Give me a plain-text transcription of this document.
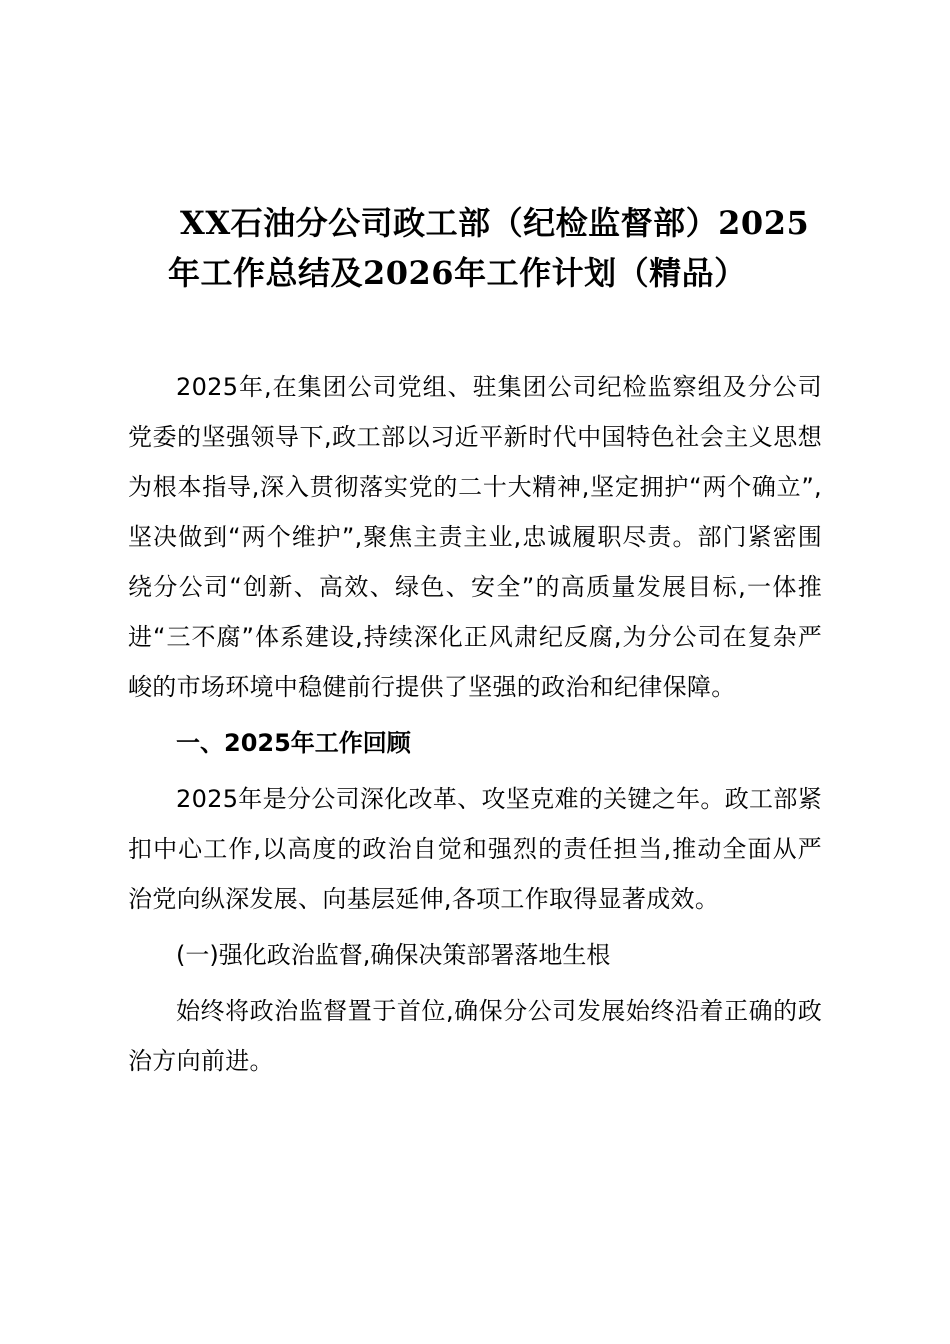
XX石油分公司政工部（纪检监督部）2025
年工作总结及2026年工作计划（精品）

2025年,在集团公司党组、驻集团公司纪检监察组及分公司党委的坚强领导下,政工部以习近平新时代中国特色社会主义思想为根本指导,深入贯彻落实党的二十大精神,坚定拥护“两个确立”,坚决做到“两个维护”,聚焦主责主业,忠诚履职尽责。部门紧密围绕分公司“创新、高效、绿色、安全”的高质量发展目标,一体推进“三不腐”体系建设,持续深化正风肃纪反腐,为分公司在复杂严峻的市场环境中稳健前行提供了坚强的政治和纪律保障。

一、2025年工作回顾

2025年是分公司深化改革、攻坚克难的关键之年。政工部紧扣中心工作,以高度的政治自觉和强烈的责任担当,推动全面从严治党向纵深发展、向基层延伸,各项工作取得显著成效。

(一)强化政治监督,确保决策部署落地生根

始终将政治监督置于首位,确保分公司发展始终沿着正确的政治方向前进。
